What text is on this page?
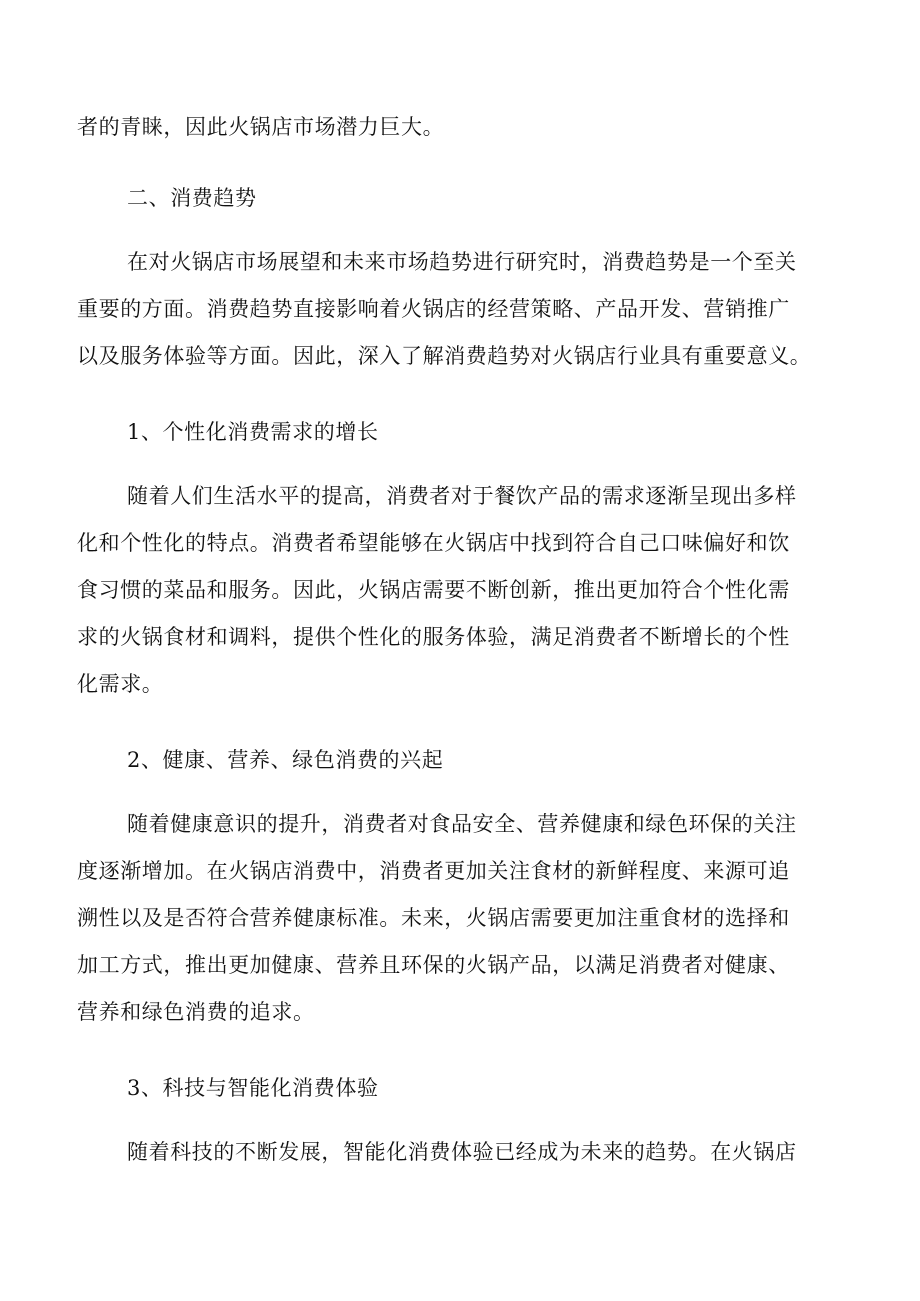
者的青睐，因此火锅店市场潜力巨大。
二、消费趋势
在对火锅店市场展望和未来市场趋势进行研究时，消费趋势是一个至关
重要的方面。消费趋势直接影响着火锅店的经营策略、产品开发、营销推广
以及服务体验等方面。因此，深入了解消费趋势对火锅店行业具有重要意义。
1、个性化消费需求的增长
随着人们生活水平的提高，消费者对于餐饮产品的需求逐渐呈现出多样
化和个性化的特点。消费者希望能够在火锅店中找到符合自己口味偏好和饮
食习惯的菜品和服务。因此，火锅店需要不断创新，推出更加符合个性化需
求的火锅食材和调料，提供个性化的服务体验，满足消费者不断增长的个性
化需求。
2、健康、营养、绿色消费的兴起
随着健康意识的提升，消费者对食品安全、营养健康和绿色环保的关注
度逐渐增加。在火锅店消费中，消费者更加关注食材的新鲜程度、来源可追
溯性以及是否符合营养健康标准。未来，火锅店需要更加注重食材的选择和
加工方式，推出更加健康、营养且环保的火锅产品，以满足消费者对健康、
营养和绿色消费的追求。
3、科技与智能化消费体验
随着科技的不断发展，智能化消费体验已经成为未来的趋势。在火锅店
